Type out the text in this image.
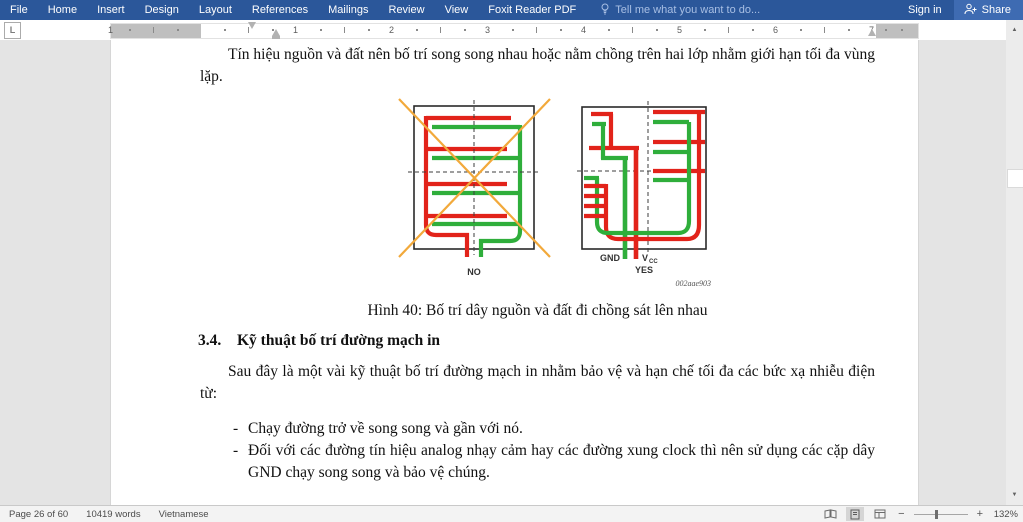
File	Home	Insert	Design	Layout	References	Mailings	Review	View	Foxit Reader PDF	Tell me what you want to do...	Sign in	Share
L	1	2	3	4	5	6	7
1
Tín hiệu nguồn và đất nên bố trí song song nhau hoặc nằm chồng trên hai lớp nhằm giới hạn tối đa vùng lặp.
NO	YES
GND V CC
002aae903
Hình 40: Bố trí dây nguồn và đất đi chồng sát lên nhau
3.4.	Kỹ thuật bố trí đường mạch in
Sau đây là một vài kỹ thuật bố trí đường mạch in nhằm bảo vệ và hạn chế tối đa các bức xạ nhiễu điện từ:
- Chạy đường trở về song song và gần với nó.
- Đối với các đường tín hiệu analog nhạy cảm hay các đường xung clock thì nên sử dụng các cặp dây GND chạy song song và bảo vệ chúng.
▲
▼
Page 26 of 60	10419 words	Vietnamese	−	+ 132%
